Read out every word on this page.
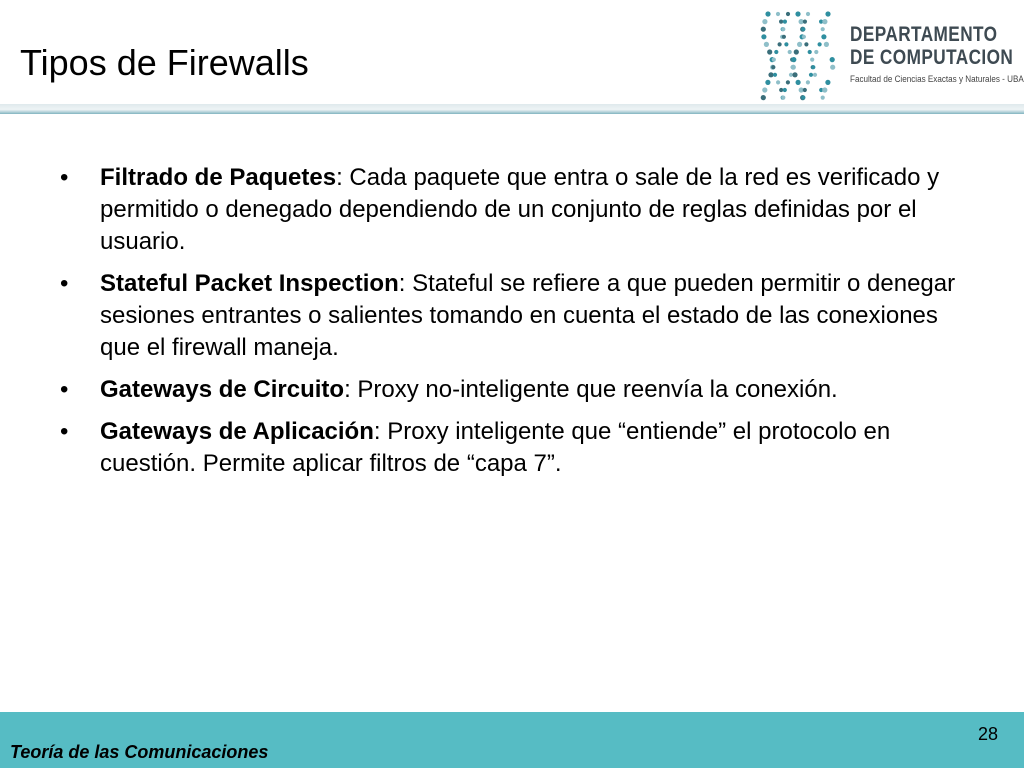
Tipos de Firewalls
DEPARTAMENTO
DE COMPUTACION
Facultad de Ciencias Exactas y Naturales - UBA
• Filtrado de Paquetes: Cada paquete que entra o sale de la red es verificado y permitido o denegado dependiendo de un conjunto de reglas definidas por el usuario.
• Stateful Packet Inspection: Stateful se refiere a que pueden permitir o denegar sesiones entrantes o salientes tomando en cuenta el estado de las conexiones que el firewall maneja.
• Gateways de Circuito: Proxy no-inteligente que reenvía la conexión.
• Gateways de Aplicación: Proxy inteligente que “entiende” el protocolo en cuestión. Permite aplicar filtros de “capa 7”.
Teoría de las Comunicaciones
28
